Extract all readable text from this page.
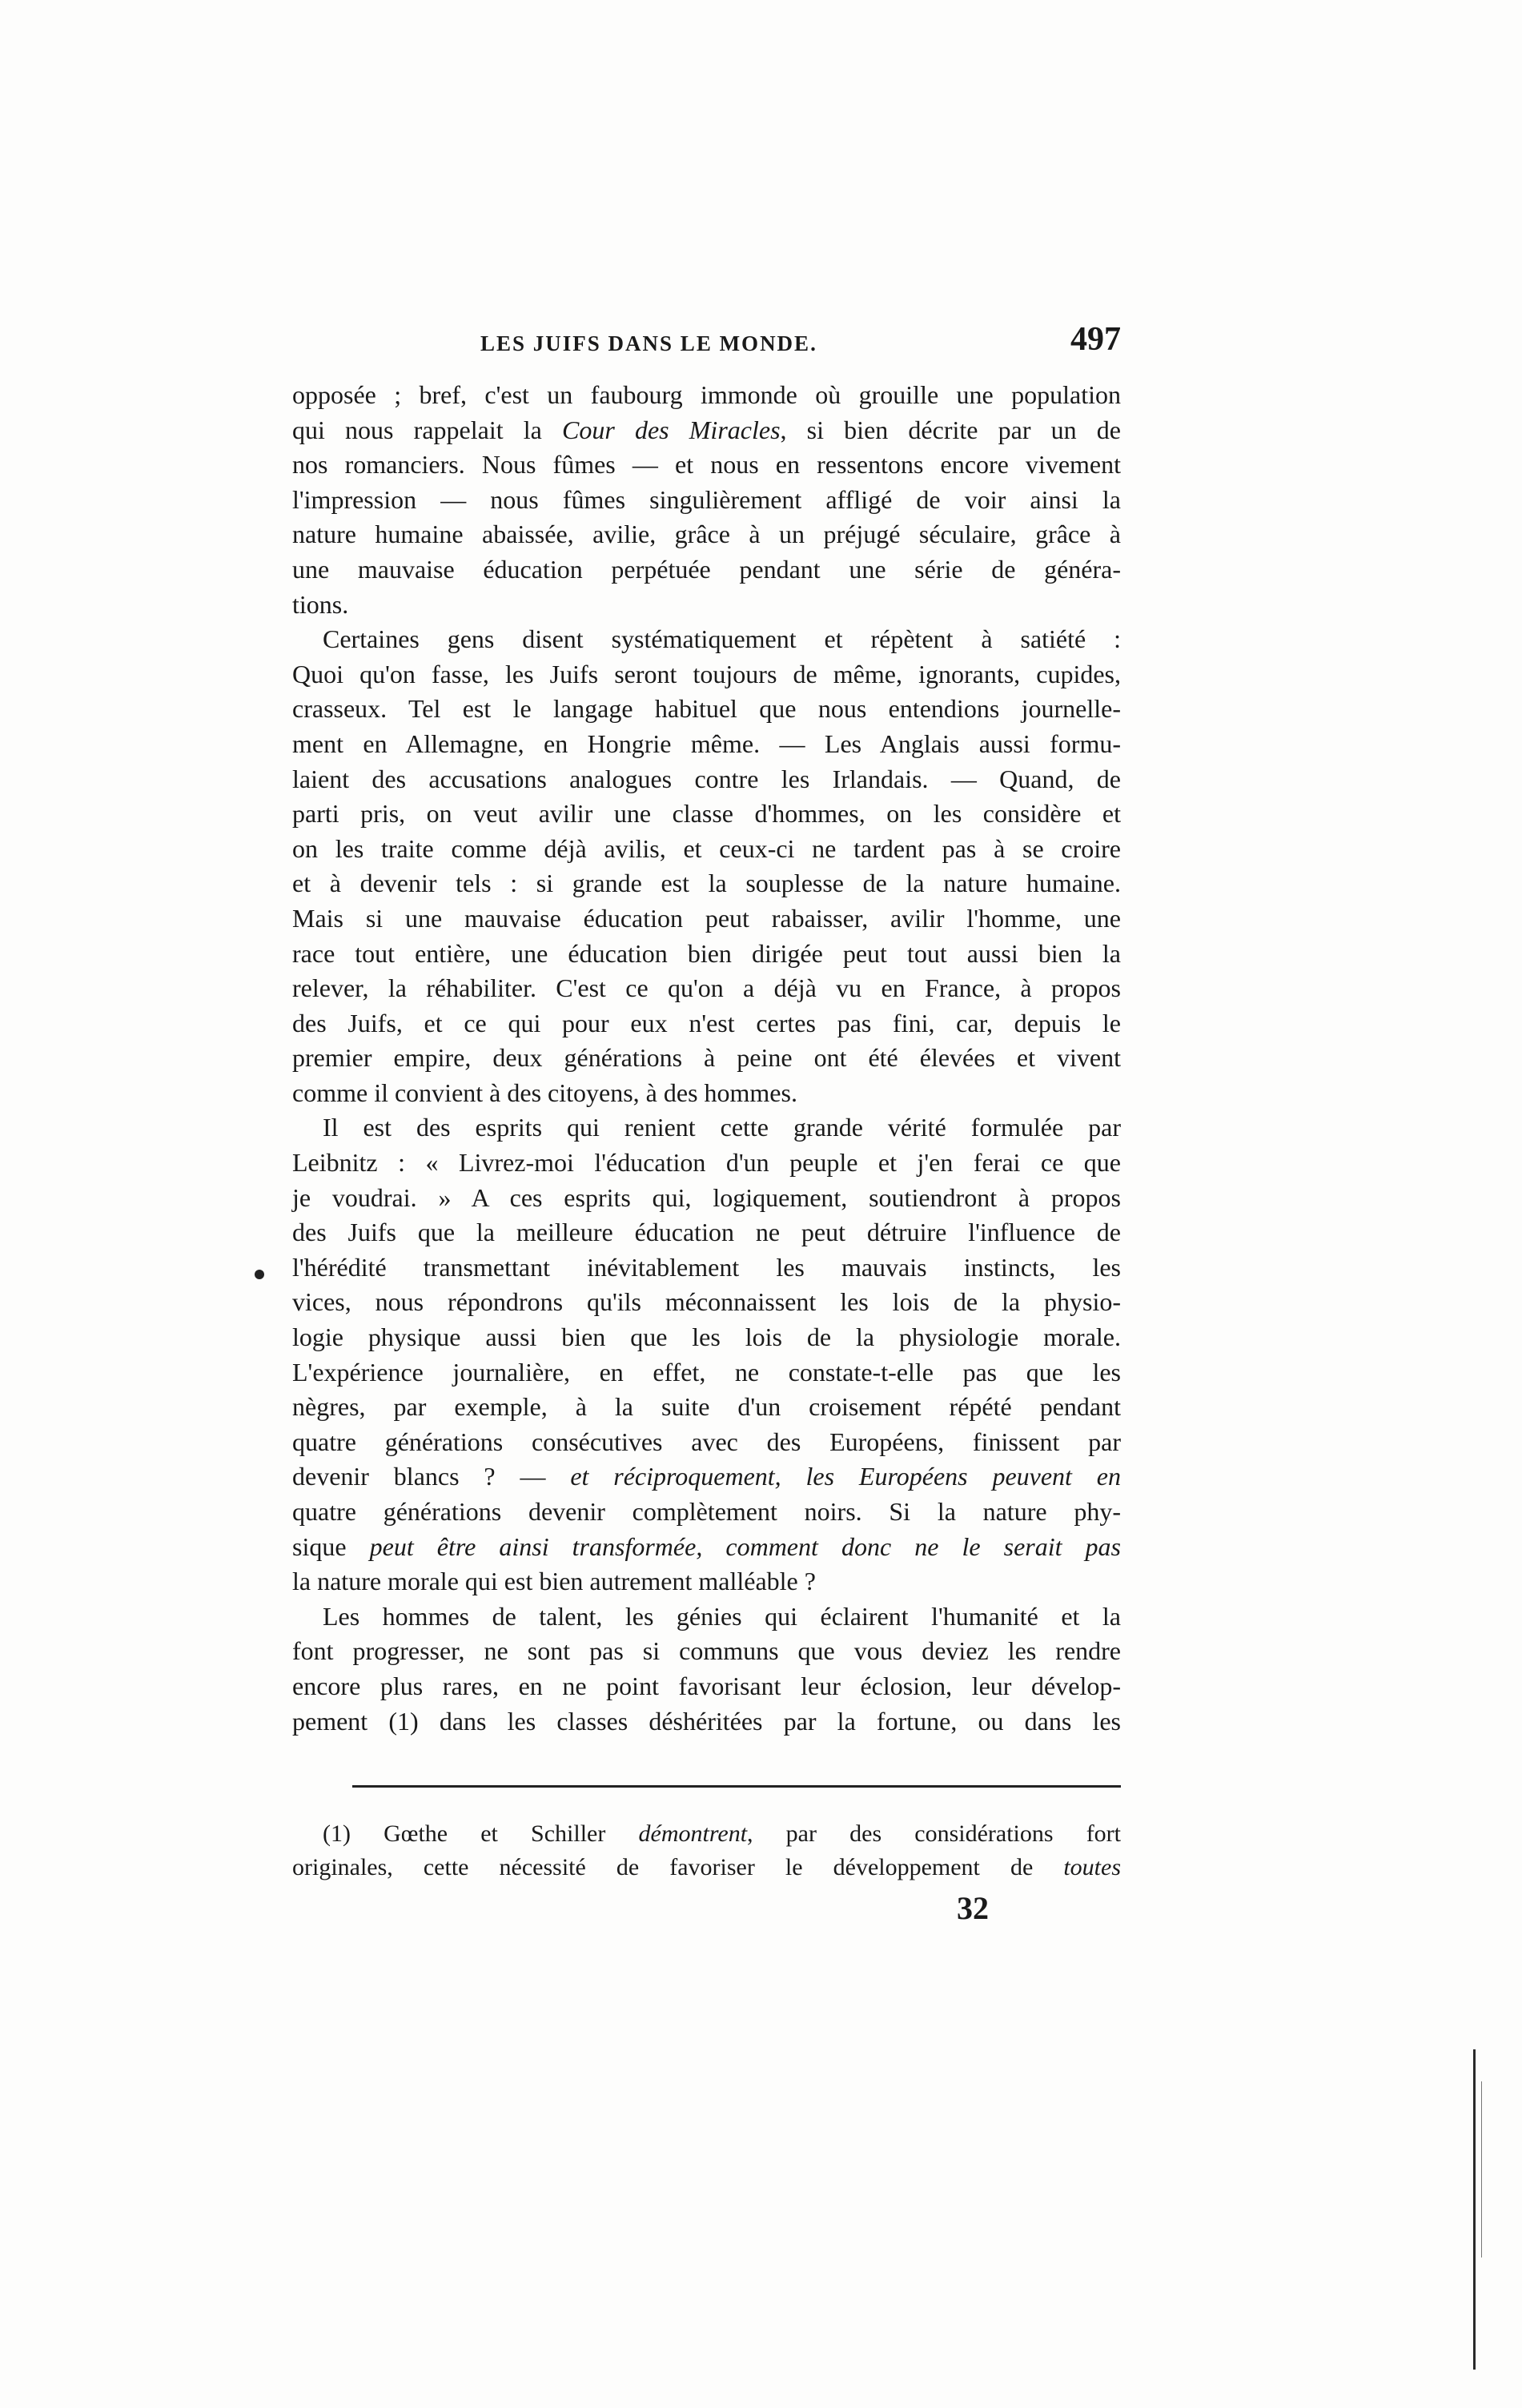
LES JUIFS DANS LE MONDE.	497
opposée ; bref, c'est un faubourg immonde où grouille une population
qui nous rappelait la Cour des Miracles, si bien décrite par un de
nos romanciers. Nous fûmes — et nous en ressentons encore vivement
l'impression — nous fûmes singulièrement affligé de voir ainsi la
nature humaine abaissée, avilie, grâce à un préjugé séculaire, grâce à
une mauvaise éducation perpétuée pendant une série de généra-
tions.
Certaines gens disent systématiquement et répètent à satiété :
Quoi qu'on fasse, les Juifs seront toujours de même, ignorants, cupides,
crasseux. Tel est le langage habituel que nous entendions journelle-
ment en Allemagne, en Hongrie même. — Les Anglais aussi formu-
laient des accusations analogues contre les Irlandais. — Quand, de
parti pris, on veut avilir une classe d'hommes, on les considère et
on les traite comme déjà avilis, et ceux-ci ne tardent pas à se croire
et à devenir tels : si grande est la souplesse de la nature humaine.
Mais si une mauvaise éducation peut rabaisser, avilir l'homme, une
race tout entière, une éducation bien dirigée peut tout aussi bien la
relever, la réhabiliter. C'est ce qu'on a déjà vu en France, à propos
des Juifs, et ce qui pour eux n'est certes pas fini, car, depuis le
premier empire, deux générations à peine ont été élevées et vivent
comme il convient à des citoyens, à des hommes.
Il est des esprits qui renient cette grande vérité formulée par
Leibnitz : « Livrez-moi l'éducation d'un peuple et j'en ferai ce que
je voudrai. » A ces esprits qui, logiquement, soutiendront à propos
des Juifs que la meilleure éducation ne peut détruire l'influence de
l'hérédité transmettant inévitablement les mauvais instincts, les
vices, nous répondrons qu'ils méconnaissent les lois de la physio-
logie physique aussi bien que les lois de la physiologie morale.
L'expérience journalière, en effet, ne constate-t-elle pas que les
nègres, par exemple, à la suite d'un croisement répété pendant
quatre générations consécutives avec des Européens, finissent par
devenir blancs ? — et réciproquement, les Européens peuvent en
quatre générations devenir complètement noirs. Si la nature phy-
sique peut être ainsi transformée, comment donc ne le serait pas
la nature morale qui est bien autrement malléable ?
Les hommes de talent, les génies qui éclairent l'humanité et la
font progresser, ne sont pas si communs que vous deviez les rendre
encore plus rares, en ne point favorisant leur éclosion, leur dévelop-
pement (1) dans les classes déshéritées par la fortune, ou dans les
(1) Gœthe et Schiller démontrent, par des considérations fort
originales, cette nécessité de favoriser le développement de toutes
32
